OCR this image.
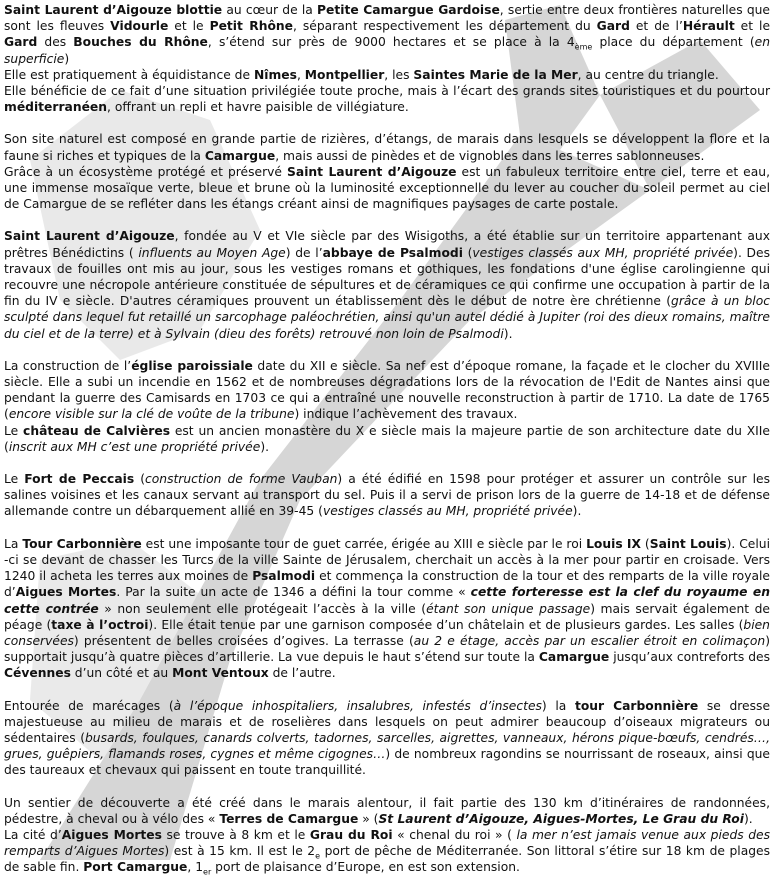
Saint Laurent d’Aigouze blottie au cœur de la Petite Camargue Gardoise, sertie entre deux frontières naturelles que sont les fleuves Vidourle et le Petit Rhône, séparant respectivement les département du Gard et de l’Hérault et le Gard des Bouches du Rhône, s’étend sur près de 9000 hectares et se place à la $4_{ème}$ place du département (en superficie)

Elle est pratiquement à équidistance de Nîmes, Montpellier, les Saintes Marie de la Mer, au centre du triangle.

Elle bénéficie de ce fait d’une situation privilégiée toute proche, mais à l’écart des grands sites touristiques et du pourtour méditerranéen, offrant un repli et havre paisible de villégiature.

Son site naturel est composé en grande partie de rizières, d’étangs, de marais dans lesquels se développent la flore et la faune si riches et typiques de la Camargue, mais aussi de pinèdes et de vignobles dans les terres sablonneuses.

Grâce à un écosystème protégé et préservé Saint Laurent d’Aigouze est un fabuleux territoire entre ciel, terre et eau, une immense mosaïque verte, bleue et brune où la luminosité exceptionnelle du lever au coucher du soleil permet au ciel de Camargue de se refléter dans les étangs créant ainsi de magnifiques paysages de carte postale.

Saint Laurent d’Aigouze, fondée au V et VIe siècle par des Wisigoths, a été établie sur un territoire appartenant aux prêtres Bénédictins ( influents au Moyen Age) de l’abbaye de Psalmodi (vestiges classés aux MH, propriété privée). Des travaux de fouilles ont mis au jour, sous les vestiges romans et gothiques, les fondations d'une église carolingienne qui recouvre une nécropole antérieure constituée de sépultures et de céramiques ce qui confirme une occupation à partir de la fin du IV e siècle. D'autres céramiques prouvent un établissement dès le début de notre ère chrétienne (grâce à un bloc sculpté dans lequel fut retaillé un sarcophage paléochrétien, ainsi qu'un autel dédié à Jupiter (roi des dieux romains, maître du ciel et de la terre) et à Sylvain (dieu des forêts) retrouvé non loin de Psalmodi).

La construction de l’église paroissiale date du XII e siècle. Sa nef est d’époque romane, la façade et le clocher du XVIIIe siècle. Elle a subi un incendie en 1562 et de nombreuses dégradations lors de la révocation de l'Edit de Nantes ainsi que pendant la guerre des Camisards en 1703 ce qui a entraîné une nouvelle reconstruction à partir de 1710. La date de 1765 (encore visible sur la clé de voûte de la tribune) indique l’achèvement des travaux.

Le château de Calvières est un ancien monastère du X e siècle mais la majeure partie de son architecture date du XIIe (inscrit aux MH c’est une propriété privée).

Le Fort de Peccais (construction de forme Vauban) a été édifié en 1598 pour protéger et assurer un contrôle sur les salines voisines et les canaux servant au transport du sel. Puis il a servi de prison lors de la guerre de 14-18 et de défense allemande contre un débarquement allié en 39-45 (vestiges classés au MH, propriété privée).

La Tour Carbonnière est une imposante tour de guet carrée, érigée au XIII e siècle par le roi Louis IX (Saint Louis). Celui -ci se devant de chasser les Turcs de la ville Sainte de Jérusalem, cherchait un accès à la mer pour partir en croisade. Vers 1240 il acheta les terres aux moines de Psalmodi et commença la construction de la tour et des remparts de la ville royale d’Aigues Mortes. Par la suite un acte de 1346 a défini la tour comme « cette forteresse est la clef du royaume en cette contrée » non seulement elle protégeait l’accès à la ville (étant son unique passage) mais servait également de péage (taxe à l’octroi). Elle était tenue par une garnison composée d’un châtelain et de plusieurs gardes. Les salles (bien conservées) présentent de belles croisées d’ogives. La terrasse (au 2 e étage, accès par un escalier étroit en colimaçon) supportait jusqu’à quatre pièces d’artillerie. La vue depuis le haut s’étend sur toute la Camargue jusqu’aux contreforts des Cévennes d’un côté et au Mont Ventoux de l’autre.

Entourée de marécages (à l’époque inhospitaliers, insalubres, infestés d’insectes) la tour Carbonnière se dresse majestueuse au milieu de marais et de roselières dans lesquels on peut admirer beaucoup d’oiseaux migrateurs ou sédentaires (busards, foulques, canards colverts, tadornes, sarcelles, aigrettes, vanneaux, hérons pique-bœufs, cendrés…, grues, guêpiers, flamands roses, cygnes et même cigognes…) de nombreux ragondins se nourrissant de roseaux, ainsi que des taureaux et chevaux qui paissent en toute tranquillité.

Un sentier de découverte a été créé dans le marais alentour, il fait partie des 130 km d’itinéraires de randonnées, pédestre, à cheval ou à vélo des « Terres de Camargue » (St Laurent d’Aigouze, Aigues-Mortes, Le Grau du Roi).

La cité d’Aigues Mortes se trouve à 8 km et le Grau du Roi « chenal du roi » ( la mer n’est jamais venue aux pieds des remparts d’Aigues Mortes) est à 15 km. Il est le $2_e$ port de pêche de Méditerranée. Son littoral s’étire sur 18 km de plages de sable fin. Port Camargue, $1_{er}$ port de plaisance d’Europe, en est son extension.
